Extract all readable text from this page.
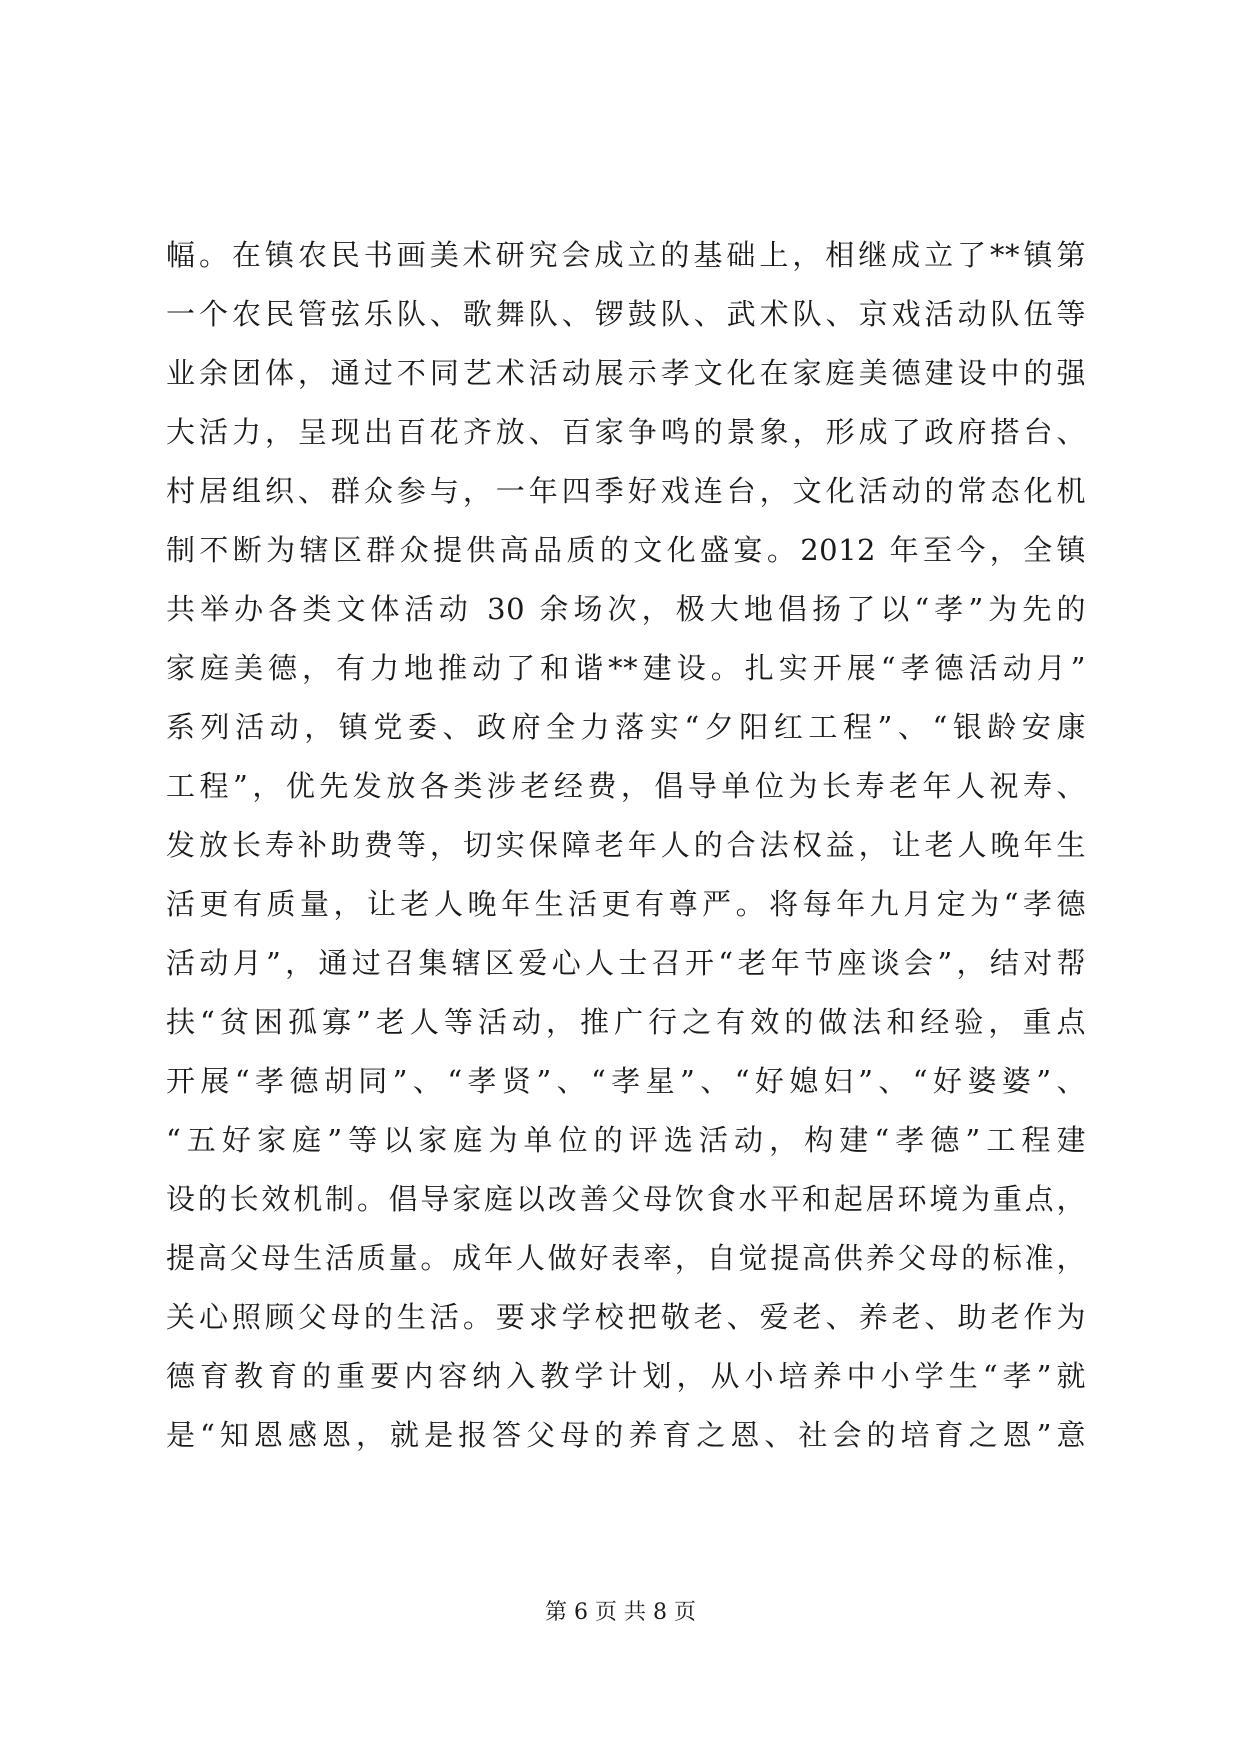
幅。在镇农民书画美术研究会成立的基础上，相继成立了**镇第
一个农民管弦乐队、歌舞队、锣鼓队、武术队、京戏活动队伍等
业余团体，通过不同艺术活动展示孝文化在家庭美德建设中的强
大活力，呈现出百花齐放、百家争鸣的景象，形成了政府搭台、
村居组织、群众参与，一年四季好戏连台，文化活动的常态化机
制不断为辖区群众提供高品质的文化盛宴。2012 年至今，全镇
共举办各类文体活动 30 余场次，极大地倡扬了以“孝”为先的
家庭美德，有力地推动了和谐**建设。扎实开展“孝德活动月”
系列活动，镇党委、政府全力落实“夕阳红工程”、“银龄安康
工程”，优先发放各类涉老经费，倡导单位为长寿老年人祝寿、
发放长寿补助费等，切实保障老年人的合法权益，让老人晚年生
活更有质量，让老人晚年生活更有尊严。将每年九月定为“孝德
活动月”，通过召集辖区爱心人士召开“老年节座谈会”，结对帮
扶“贫困孤寡”老人等活动，推广行之有效的做法和经验，重点
开展“孝德胡同”、“孝贤”、“孝星”、“好媳妇”、“好婆婆”、
“五好家庭”等以家庭为单位的评选活动，构建“孝德”工程建
设的长效机制。倡导家庭以改善父母饮食水平和起居环境为重点，
提高父母生活质量。成年人做好表率，自觉提高供养父母的标准，
关心照顾父母的生活。要求学校把敬老、爱老、养老、助老作为
德育教育的重要内容纳入教学计划，从小培养中小学生“孝”就
是“知恩感恩，就是报答父母的养育之恩、社会的培育之恩”意
第 6 页 共 8 页
